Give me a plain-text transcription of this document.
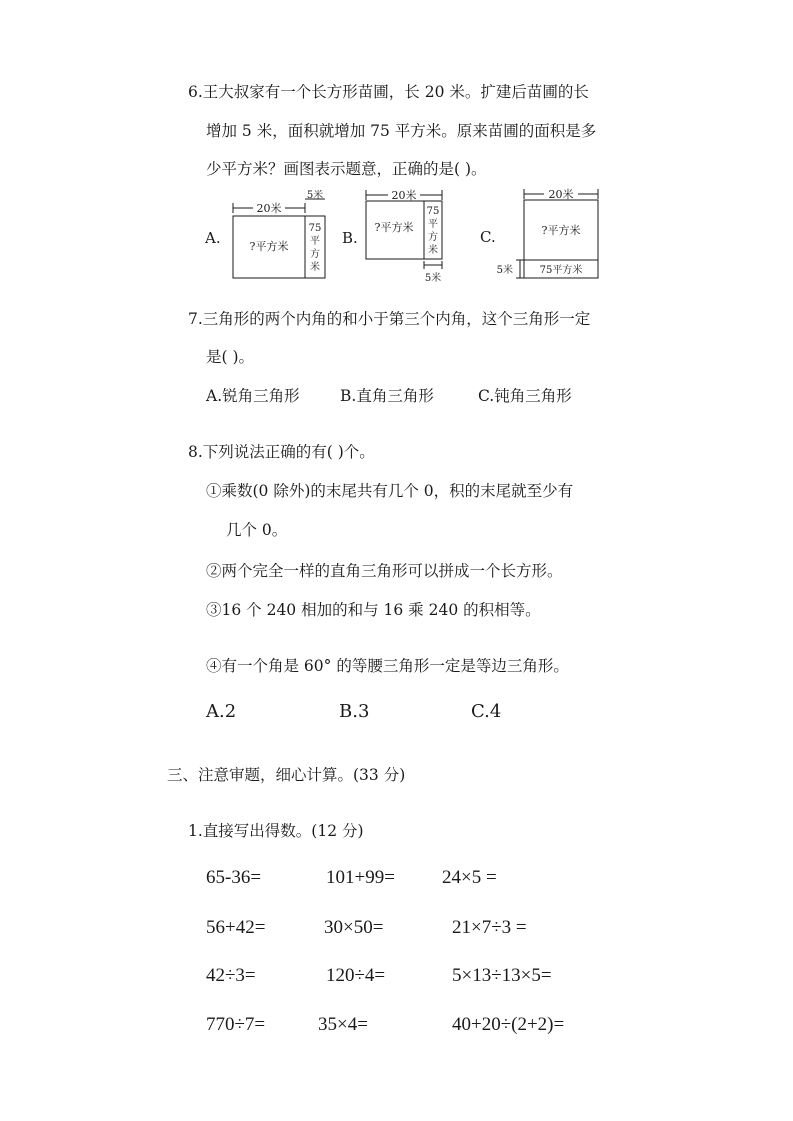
6.王大叔家有一个长方形苗圃，长 20 米。扩建后苗圃的长
增加 5 米，面积就增加 75 平方米。原来苗圃的面积是多
少平方米？画图表示题意，正确的是( )。
A.
20米
5米
?平方米
75
平
方
米
B.
20米
?平方米
75
平
方
米
5米
C.
20米
?平方米
75平方米
5米
7.三角形的两个内角的和小于第三个内角，这个三角形一定
是( )。
A.锐角三角形	B.直角三角形	C.钝角三角形
8.下列说法正确的有( )个。
①乘数(0 除外)的末尾共有几个 0，积的末尾就至少有
几个 0。
②两个完全一样的直角三角形可以拼成一个长方形。
③16 个 240 相加的和与 16 乘 240 的积相等。
④有一个角是 60° 的等腰三角形一定是等边三角形。
A.2	B.3	C.4
三、注意审题，细心计算。(33 分)
1.直接写出得数。(12 分)
65-36=	101+99= 24×5 =
56+42=	30×50=	21×7÷3 =
42÷3=	120÷4=	5×13÷13×5=
770÷7=	35×4=	40+20÷(2+2)=
